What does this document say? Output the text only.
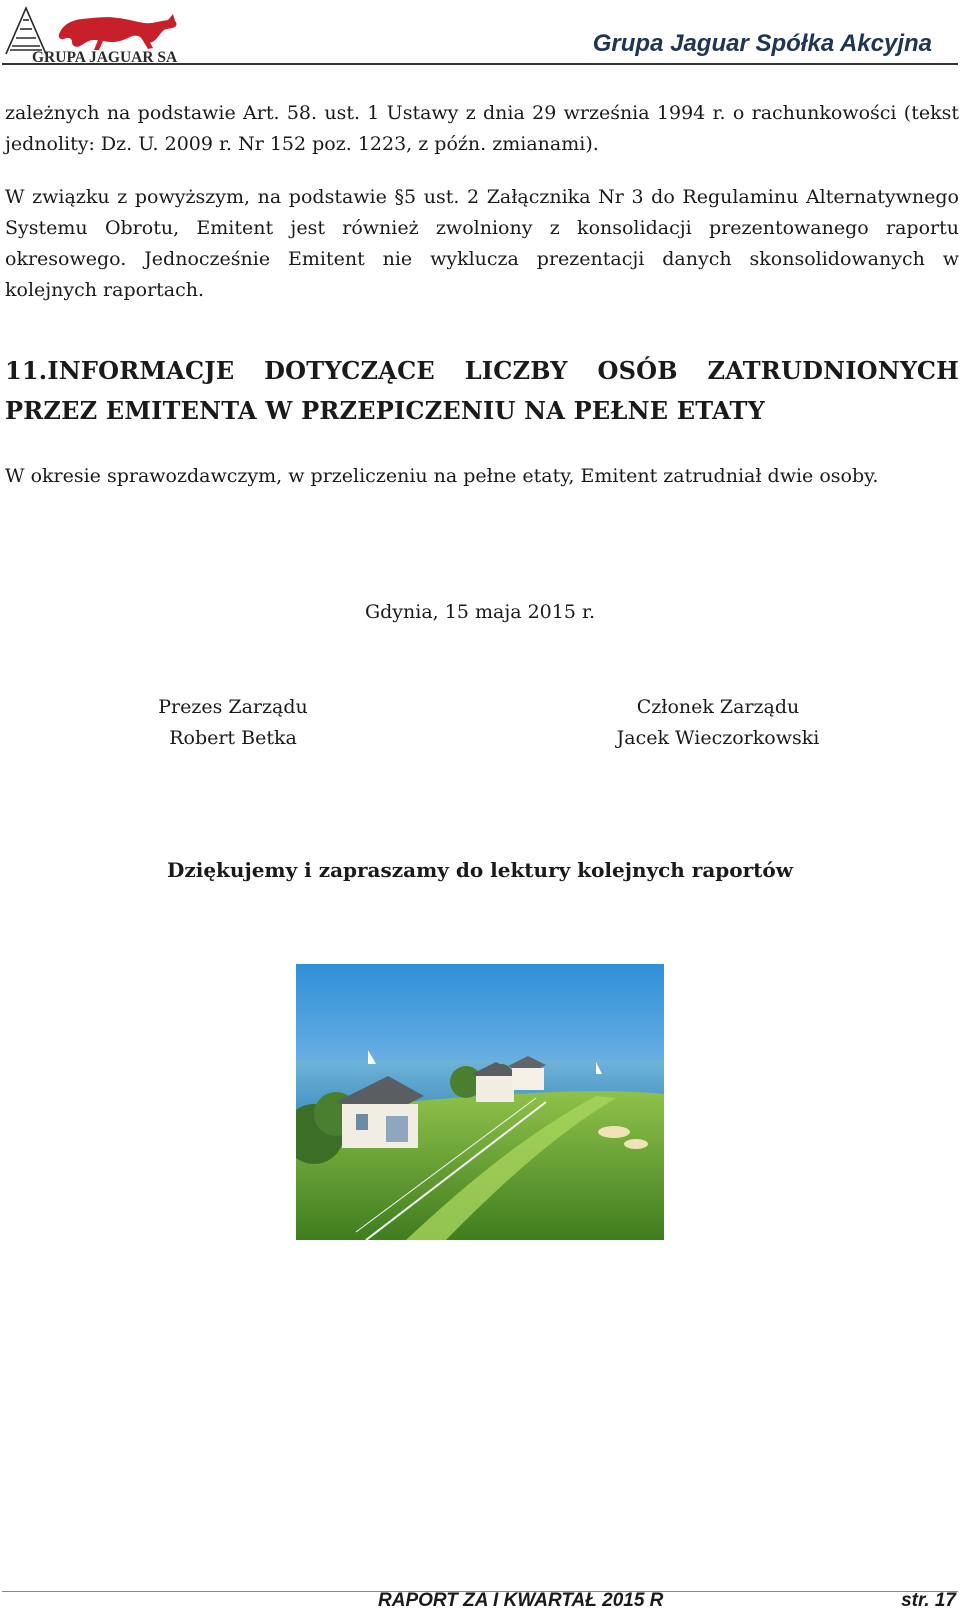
GRUPA JAGUAR SA
Grupa Jaguar Spółka Akcyjna

zależnych na podstawie Art. 58. ust. 1 Ustawy z dnia 29 września 1994 r. o rachunkowości (tekst jednolity: Dz. U. 2009 r. Nr 152 poz. 1223, z późn. zmianami).

W związku z powyższym, na podstawie §5 ust. 2 Załącznika Nr 3 do Regulaminu Alternatywnego Systemu Obrotu, Emitent jest również zwolniony z konsolidacji prezentowanego raportu okresowego. Jednocześnie Emitent nie wyklucza prezentacji danych skonsolidowanych w kolejnych raportach.

11.INFORMACJE DOTYCZĄCE LICZBY OSÓB ZATRUDNIONYCH PRZEZ EMITENTA W PRZEPICZENIU NA PEŁNE ETATY

W okresie sprawozdawczym, w przeliczeniu na pełne etaty, Emitent zatrudniał dwie osoby.

Gdynia, 15 maja 2015 r.
Prezes Zarządu
Robert Betka
Członek Zarządu
Jacek Wieczorkowski
Dziękujemy i zapraszamy do lektury kolejnych raportów
RAPORT ZA I KWARTAŁ 2015 R	str. 17
